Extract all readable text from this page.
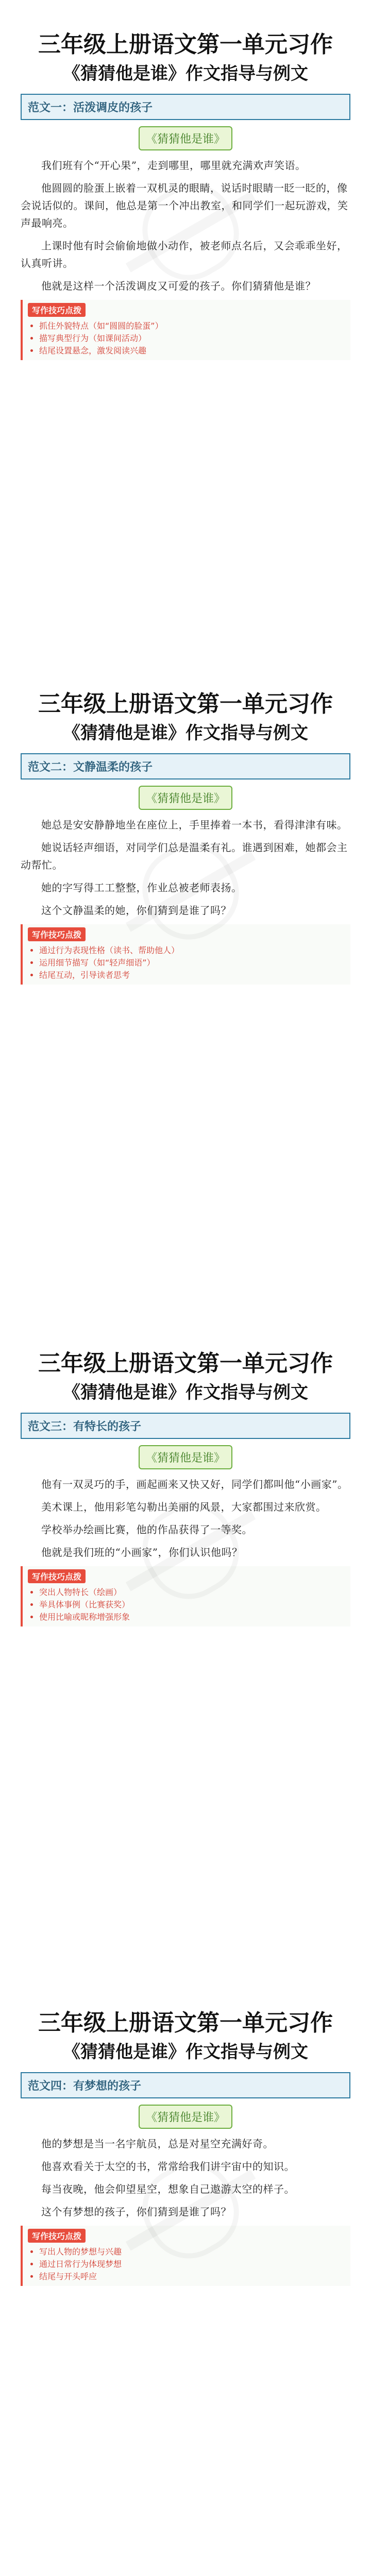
三年级上册语文第一单元习作
《猜猜他是谁》作文指导与例文
范文一：活泼调皮的孩子
《猜猜他是谁》

我们班有个“开心果”，走到哪里，哪里就充满欢声笑语。

他圆圆的脸蛋上嵌着一双机灵的眼睛，说话时眼睛一眨一眨的，像会说话似的。课间，他总是第一个冲出教室，和同学们一起玩游戏，笑声最响亮。

上课时他有时会偷偷地做小动作，被老师点名后，又会乖乖坐好，认真听讲。

他就是这样一个活泼调皮又可爱的孩子。你们猜猜他是谁？

写作技巧点拨
• 抓住外貌特点（如“圆圆的脸蛋”）
• 描写典型行为（如课间活动）
• 结尾设置悬念，激发阅读兴趣
三年级上册语文第一单元习作
《猜猜他是谁》作文指导与例文
范文二：文静温柔的孩子
《猜猜他是谁》

她总是安安静静地坐在座位上，手里捧着一本书，看得津津有味。

她说话轻声细语，对同学们总是温柔有礼。谁遇到困难，她都会主动帮忙。

她的字写得工工整整，作业总被老师表扬。

这个文静温柔的她，你们猜到是谁了吗？

写作技巧点拨
• 通过行为表现性格（读书、帮助他人）
• 运用细节描写（如“轻声细语”）
• 结尾互动，引导读者思考
三年级上册语文第一单元习作
《猜猜他是谁》作文指导与例文
范文三：有特长的孩子
《猜猜他是谁》

他有一双灵巧的手，画起画来又快又好，同学们都叫他“小画家”。

美术课上，他用彩笔勾勒出美丽的风景，大家都围过来欣赏。

学校举办绘画比赛，他的作品获得了一等奖。

他就是我们班的“小画家”，你们认识他吗？

写作技巧点拨
• 突出人物特长（绘画）
• 举具体事例（比赛获奖）
• 使用比喻或昵称增强形象
三年级上册语文第一单元习作
《猜猜他是谁》作文指导与例文
范文四：有梦想的孩子
《猜猜他是谁》

他的梦想是当一名宇航员，总是对星空充满好奇。

他喜欢看关于太空的书，常常给我们讲宇宙中的知识。

每当夜晚，他会仰望星空，想象自己遨游太空的样子。

这个有梦想的孩子，你们猜到是谁了吗？

写作技巧点拨
• 写出人物的梦想与兴趣
• 通过日常行为体现梦想
• 结尾与开头呼应
